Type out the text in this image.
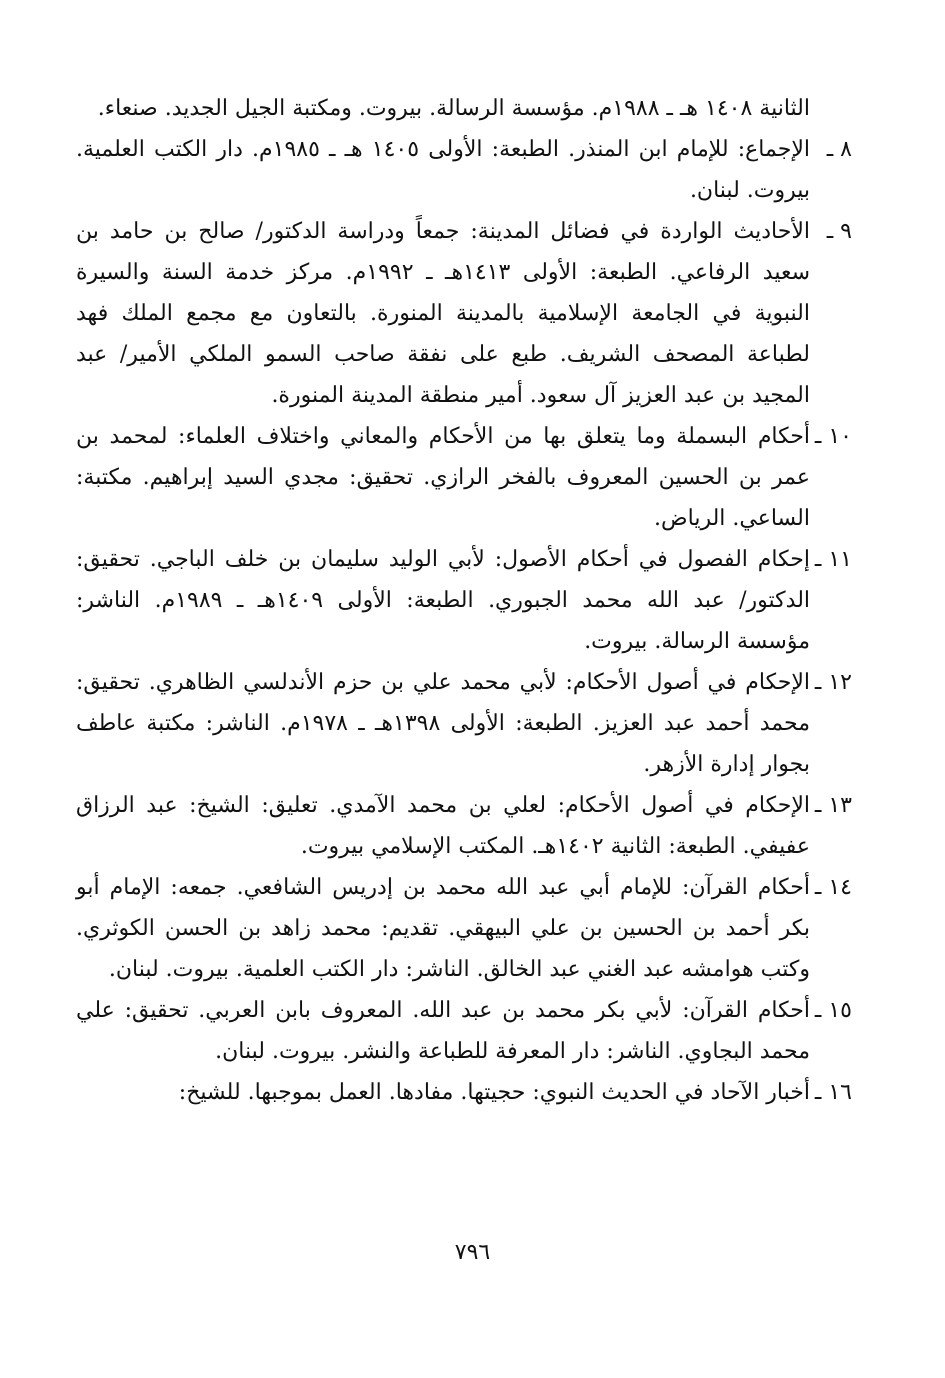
الثانية ١٤٠٨ هـ ـ ١٩٨٨م. مؤسسة الرسالة. بيروت. ومكتبة الجيل الجديد. صنعاء.
٨ ـ
الإجماع: للإمام ابن المنذر. الطبعة: الأولى ١٤٠٥ هـ ـ ١٩٨٥م. دار الكتب العلمية. بيروت. لبنان.
٩ ـ
الأحاديث الواردة في فضائل المدينة: جمعاً ودراسة الدكتور/ صالح بن حامد بن سعيد الرفاعي. الطبعة: الأولى ١٤١٣هـ ـ ١٩٩٢م. مركز خدمة السنة والسيرة النبوية في الجامعة الإسلامية بالمدينة المنورة. بالتعاون مع مجمع الملك فهد لطباعة المصحف الشريف. طبع على نفقة صاحب السمو الملكي الأمير/ عبد المجيد بن عبد العزيز آل سعود. أمير منطقة المدينة المنورة.
١٠ ـ
أحكام البسملة وما يتعلق بها من الأحكام والمعاني واختلاف العلماء: لمحمد بن عمر بن الحسين المعروف بالفخر الرازي. تحقيق: مجدي السيد إبراهيم. مكتبة: الساعي. الرياض.
١١ ـ
إحكام الفصول في أحكام الأصول: لأبي الوليد سليمان بن خلف الباجي. تحقيق: الدكتور/ عبد الله محمد الجبوري. الطبعة: الأولى ١٤٠٩هـ ـ ١٩٨٩م. الناشر: مؤسسة الرسالة. بيروت.
١٢ ـ
الإحكام في أصول الأحكام: لأبي محمد علي بن حزم الأندلسي الظاهري. تحقيق: محمد أحمد عبد العزيز. الطبعة: الأولى ١٣٩٨هـ ـ ١٩٧٨م. الناشر: مكتبة عاطف بجوار إدارة الأزهر.
١٣ ـ
الإحكام في أصول الأحكام: لعلي بن محمد الآمدي. تعليق: الشيخ: عبد الرزاق عفيفي. الطبعة: الثانية ١٤٠٢هـ. المكتب الإسلامي بيروت.
١٤ ـ
أحكام القرآن: للإمام أبي عبد الله محمد بن إدريس الشافعي. جمعه: الإمام أبو بكر أحمد بن الحسين بن علي البيهقي. تقديم: محمد زاهد بن الحسن الكوثري. وكتب هوامشه عبد الغني عبد الخالق. الناشر: دار الكتب العلمية. بيروت. لبنان.
١٥ ـ
أحكام القرآن: لأبي بكر محمد بن عبد الله. المعروف بابن العربي. تحقيق: علي محمد البجاوي. الناشر: دار المعرفة للطباعة والنشر. بيروت. لبنان.
١٦ ـ
أخبار الآحاد في الحديث النبوي: حجيتها. مفادها. العمل بموجبها. للشيخ:
٧٩٦
